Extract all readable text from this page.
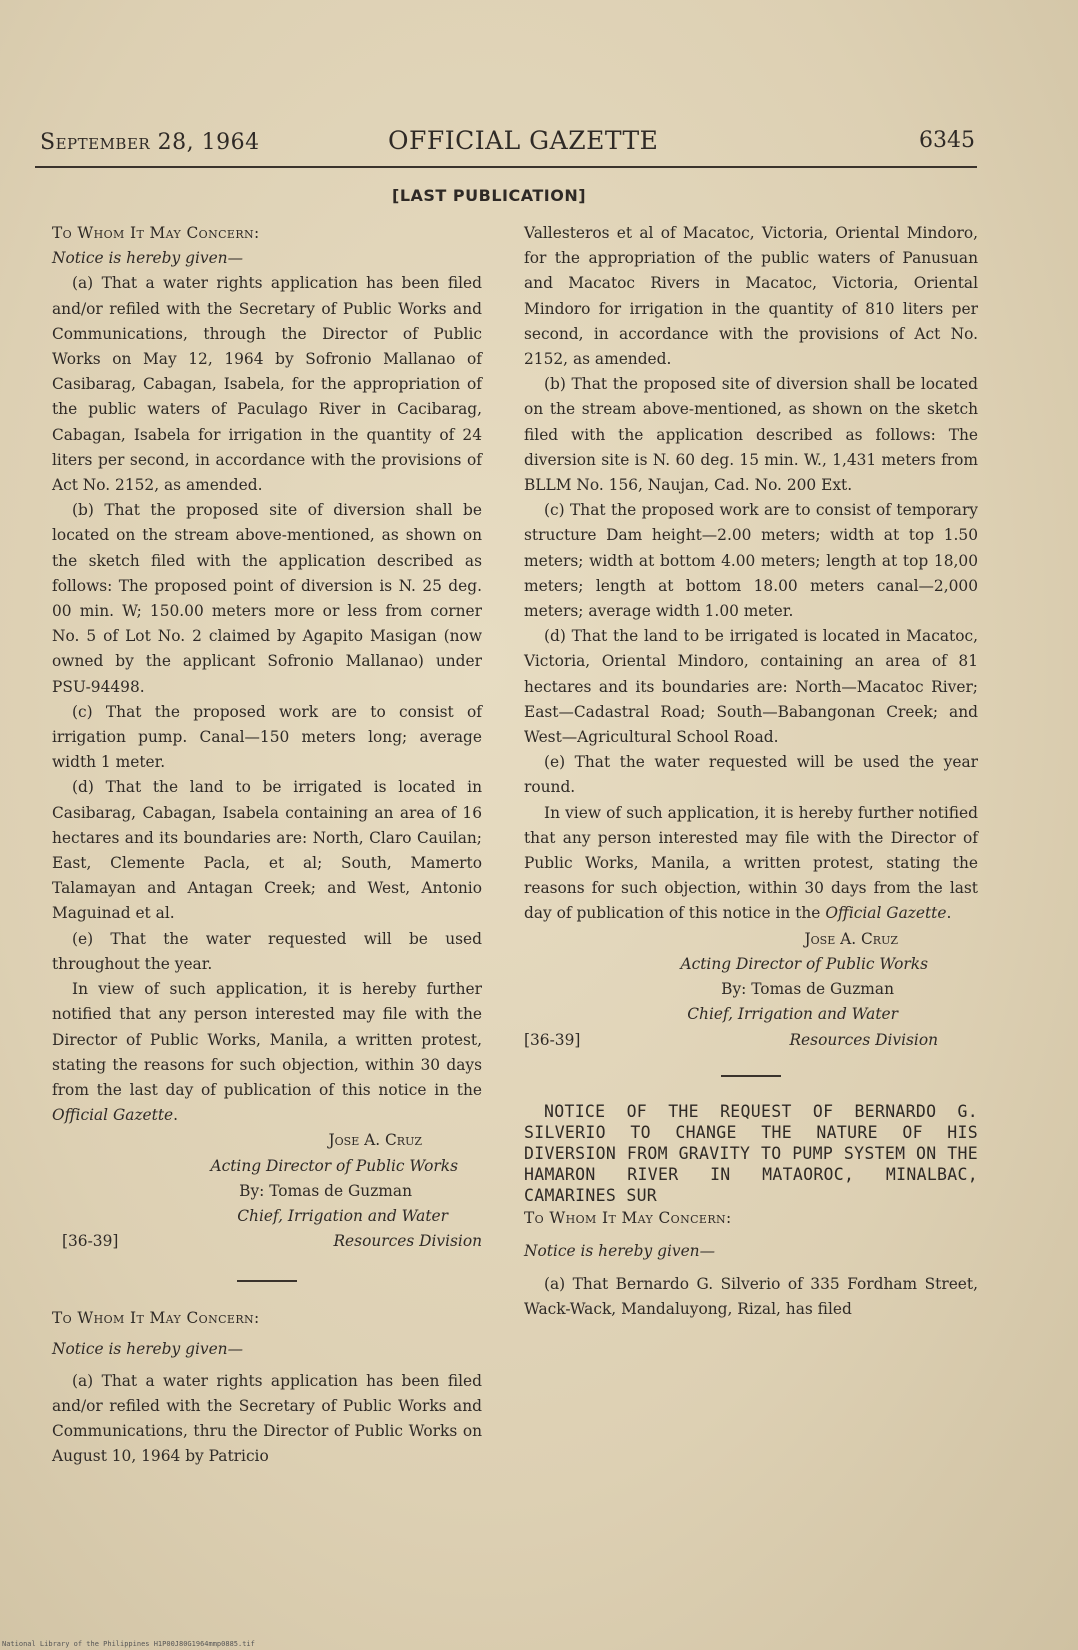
September 28, 1964	OFFICIAL GAZETTE	6345
[LAST PUBLICATION]

To Whom It May Concern:

Notice is hereby given—

(a) That a water rights application has been filed and/or refiled with the Secretary of Public Works and Communications, through the Director of Public Works on May 12, 1964 by Sofronio Mallanao of Casibarag, Cabagan, Isabela, for the appropriation of the public waters of Paculago River in Cacibarag, Cabagan, Isabela for irrigation in the quantity of 24 liters per second, in accordance with the provisions of Act No. 2152, as amended.

(b) That the proposed site of diversion shall be located on the stream above-mentioned, as shown on the sketch filed with the application described as follows: The proposed point of diversion is N. 25 deg. 00 min. W; 150.00 meters more or less from corner No. 5 of Lot No. 2 claimed by Agapito Masigan (now owned by the applicant Sofronio Mallanao) under PSU-94498.

(c) That the proposed work are to consist of irrigation pump. Canal—150 meters long; average width 1 meter.

(d) That the land to be irrigated is located in Casibarag, Cabagan, Isabela containing an area of 16 hectares and its boundaries are: North, Claro Cauilan; East, Clemente Pacla, et al; South, Mamerto Talamayan and Antagan Creek; and West, Antonio Maguinad et al.

(e) That the water requested will be used throughout the year.

In view of such application, it is hereby further notified that any person interested may file with the Director of Public Works, Manila, a written protest, stating the reasons for such objection, within 30 days from the last day of publication of this notice in the Official Gazette.

Jose A. Cruz

Acting Director of Public Works

By: Tomas de Guzman

Chief, Irrigation and Water

[36-39]	Resources Division

To Whom It May Concern:

Notice is hereby given—

(a) That a water rights application has been filed and/or refiled with the Secretary of Public Works and Communications, thru the Director of Public Works on August 10, 1964 by Patricio

Vallesteros et al of Macatoc, Victoria, Oriental Mindoro, for the appropriation of the public waters of Panusuan and Macatoc Rivers in Macatoc, Victoria, Oriental Mindoro for irrigation in the quantity of 810 liters per second, in accordance with the provisions of Act No. 2152, as amended.

(b) That the proposed site of diversion shall be located on the stream above-mentioned, as shown on the sketch filed with the application described as follows: The diversion site is N. 60 deg. 15 min. W., 1,431 meters from BLLM No. 156, Naujan, Cad. No. 200 Ext.

(c) That the proposed work are to consist of temporary structure Dam height—2.00 meters; width at top 1.50 meters; width at bottom 4.00 meters; length at top 18,00 meters; length at bottom 18.00 meters canal—2,000 meters; average width 1.00 meter.

(d) That the land to be irrigated is located in Macatoc, Victoria, Oriental Mindoro, containing an area of 81 hectares and its boundaries are: North—Macatoc River; East—Cadastral Road; South—Babangonan Creek; and West—Agricultural School Road.

(e) That the water requested will be used the year round.

In view of such application, it is hereby further notified that any person interested may file with the Director of Public Works, Manila, a written protest, stating the reasons for such objection, within 30 days from the last day of publication of this notice in the Official Gazette.

Jose A. Cruz

Acting Director of Public Works

By: Tomas de Guzman

Chief, Irrigation and Water

[36-39]	Resources Division

NOTICE OF THE REQUEST OF BERNARDO G. SILVERIO TO CHANGE THE NATURE OF HIS DIVERSION FROM GRAVITY TO PUMP SYSTEM ON THE HAMARON RIVER IN MATAOROC, MINALBAC, CAMARINES SUR

To Whom It May Concern:

Notice is hereby given—

(a) That Bernardo G. Silverio of 335 Fordham Street, Wack-Wack, Mandaluyong, Rizal, has filed

National Library of the Philippines H1P00J80G1964mmp0885.tif
